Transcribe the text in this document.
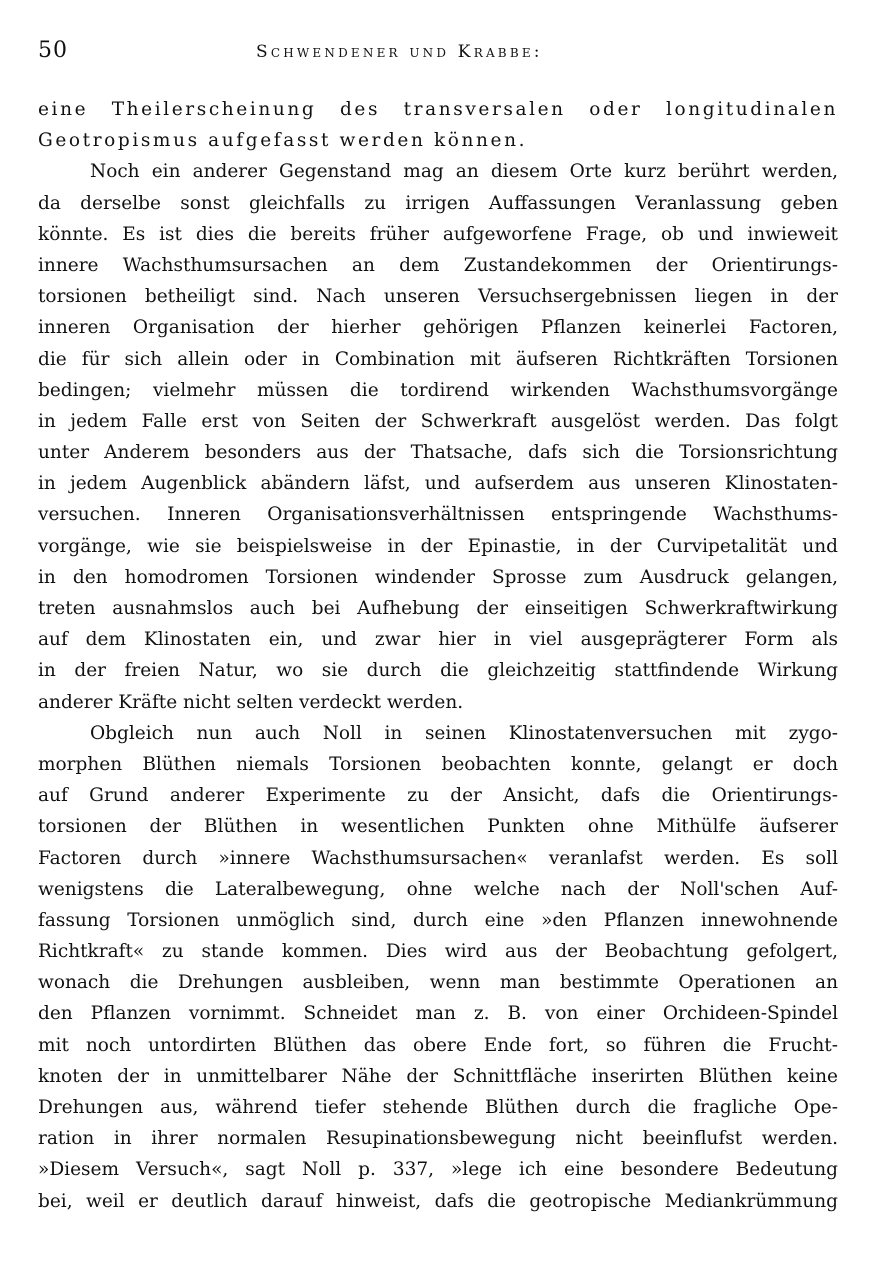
50	Schwendener und Krabbe:
eine Theilerscheinung des transversalen oder longitudinalen
Geotropismus aufgefasst werden können.
Noch ein anderer Gegenstand mag an diesem Orte kurz berührt werden,
da derselbe sonst gleichfalls zu irrigen Auffassungen Veranlassung geben
könnte. Es ist dies die bereits früher aufgeworfene Frage, ob und inwieweit
innere Wachsthumsursachen an dem Zustandekommen der Orientirungs-
torsionen betheiligt sind. Nach unseren Versuchsergebnissen liegen in der
inneren Organisation der hierher gehörigen Pflanzen keinerlei Factoren,
die für sich allein oder in Combination mit äufseren Richtkräften Torsionen
bedingen; vielmehr müssen die tordirend wirkenden Wachsthumsvorgänge
in jedem Falle erst von Seiten der Schwerkraft ausgelöst werden. Das folgt
unter Anderem besonders aus der Thatsache, dafs sich die Torsionsrichtung
in jedem Augenblick abändern läfst, und aufserdem aus unseren Klinostaten-
versuchen. Inneren Organisationsverhältnissen entspringende Wachsthums-
vorgänge, wie sie beispielsweise in der Epinastie, in der Curvipetalität und
in den homodromen Torsionen windender Sprosse zum Ausdruck gelangen,
treten ausnahmslos auch bei Aufhebung der einseitigen Schwerkraftwirkung
auf dem Klinostaten ein, und zwar hier in viel ausgeprägterer Form als
in der freien Natur, wo sie durch die gleichzeitig stattfindende Wirkung
anderer Kräfte nicht selten verdeckt werden.
Obgleich nun auch Noll in seinen Klinostatenversuchen mit zygo-
morphen Blüthen niemals Torsionen beobachten konnte, gelangt er doch
auf Grund anderer Experimente zu der Ansicht, dafs die Orientirungs-
torsionen der Blüthen in wesentlichen Punkten ohne Mithülfe äufserer
Factoren durch »innere Wachsthumsursachen« veranlafst werden. Es soll
wenigstens die Lateralbewegung, ohne welche nach der Noll'schen Auf-
fassung Torsionen unmöglich sind, durch eine »den Pflanzen innewohnende
Richtkraft« zu stande kommen. Dies wird aus der Beobachtung gefolgert,
wonach die Drehungen ausbleiben, wenn man bestimmte Operationen an
den Pflanzen vornimmt. Schneidet man z. B. von einer Orchideen-Spindel
mit noch untordirten Blüthen das obere Ende fort, so führen die Frucht-
knoten der in unmittelbarer Nähe der Schnittfläche inserirten Blüthen keine
Drehungen aus, während tiefer stehende Blüthen durch die fragliche Ope-
ration in ihrer normalen Resupinationsbewegung nicht beeinflufst werden.
»Diesem Versuch«, sagt Noll p. 337, »lege ich eine besondere Bedeutung
bei, weil er deutlich darauf hinweist, dafs die geotropische Mediankrümmung
